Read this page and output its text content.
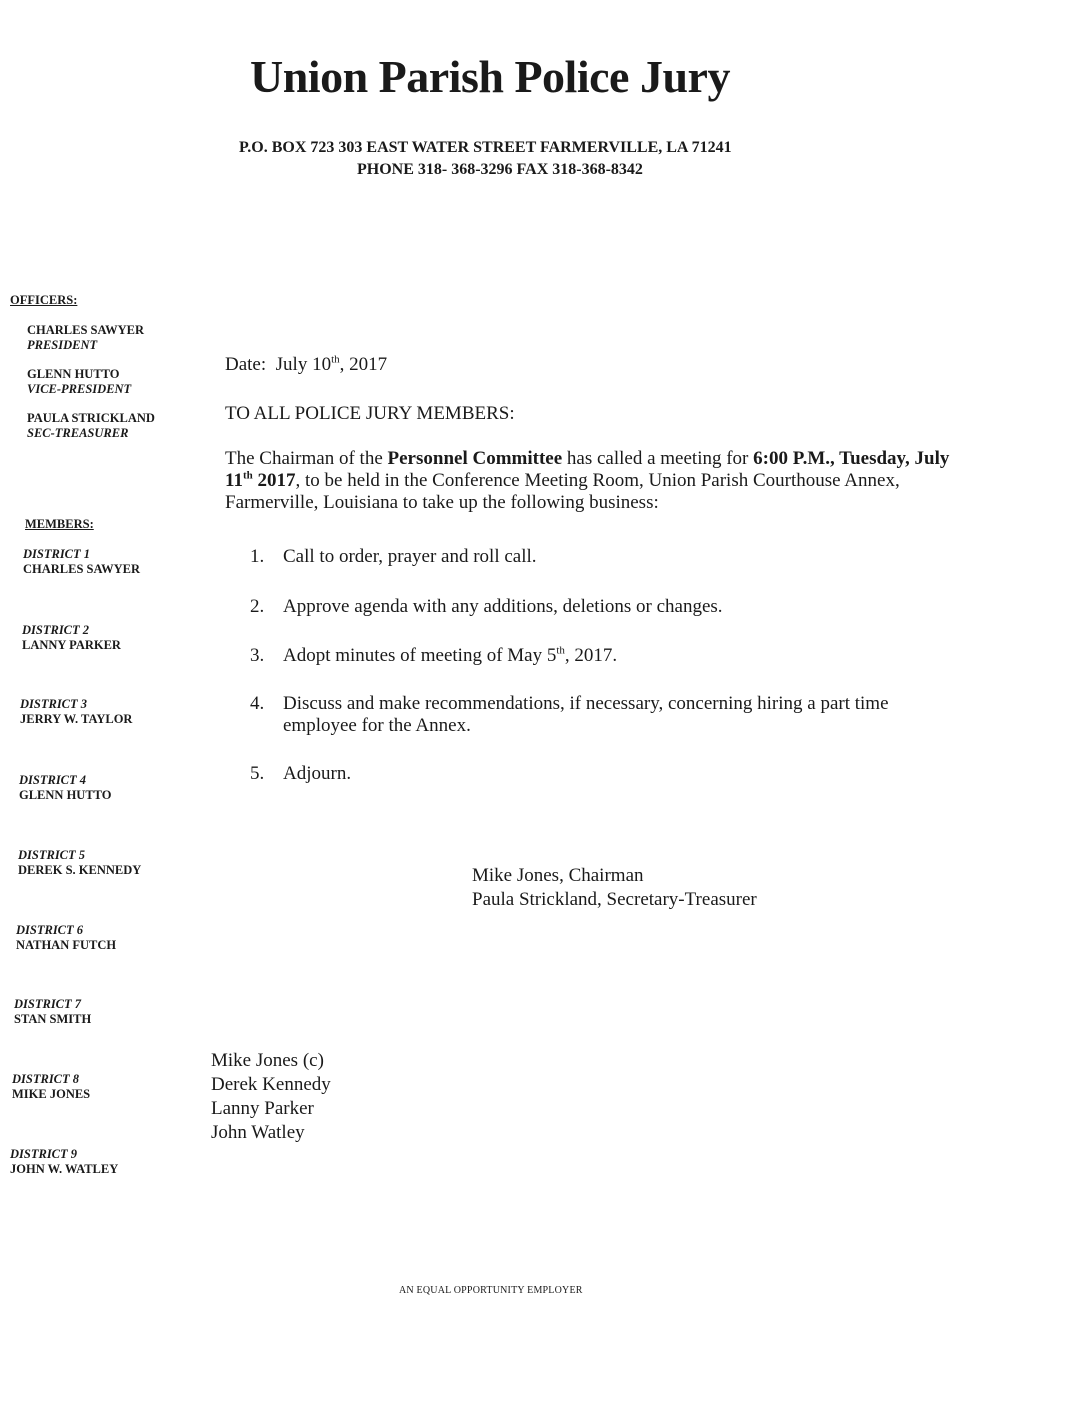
Union Parish Police Jury
P.O. BOX 723 303 EAST WATER STREET FARMERVILLE, LA 71241
PHONE 318- 368-3296 FAX 318-368-8342
OFFICERS:
CHARLES SAWYER
PRESIDENT
GLENN HUTTO
VICE-PRESIDENT
PAULA STRICKLAND
SEC-TREASURER
MEMBERS:
DISTRICT 1
CHARLES SAWYER
DISTRICT 2
LANNY PARKER
DISTRICT 3
JERRY W. TAYLOR
DISTRICT 4
GLENN HUTTO
DISTRICT 5
DEREK S. KENNEDY
DISTRICT 6
NATHAN FUTCH
DISTRICT 7
STAN SMITH
DISTRICT 8
MIKE JONES
DISTRICT 9
JOHN W. WATLEY
Date: July 10th, 2017
TO ALL POLICE JURY MEMBERS:
The Chairman of the Personnel Committee has called a meeting for 6:00 P.M., Tuesday, July 11th 2017, to be held in the Conference Meeting Room, Union Parish Courthouse Annex, Farmerville, Louisiana to take up the following business:
1. Call to order, prayer and roll call.
2. Approve agenda with any additions, deletions or changes.
3. Adopt minutes of meeting of May 5th, 2017.
4. Discuss and make recommendations, if necessary, concerning hiring a part time employee for the Annex.
5. Adjourn.
Mike Jones, Chairman
Paula Strickland, Secretary-Treasurer
Mike Jones (c)
Derek Kennedy
Lanny Parker
John Watley
AN EQUAL OPPORTUNITY EMPLOYER
